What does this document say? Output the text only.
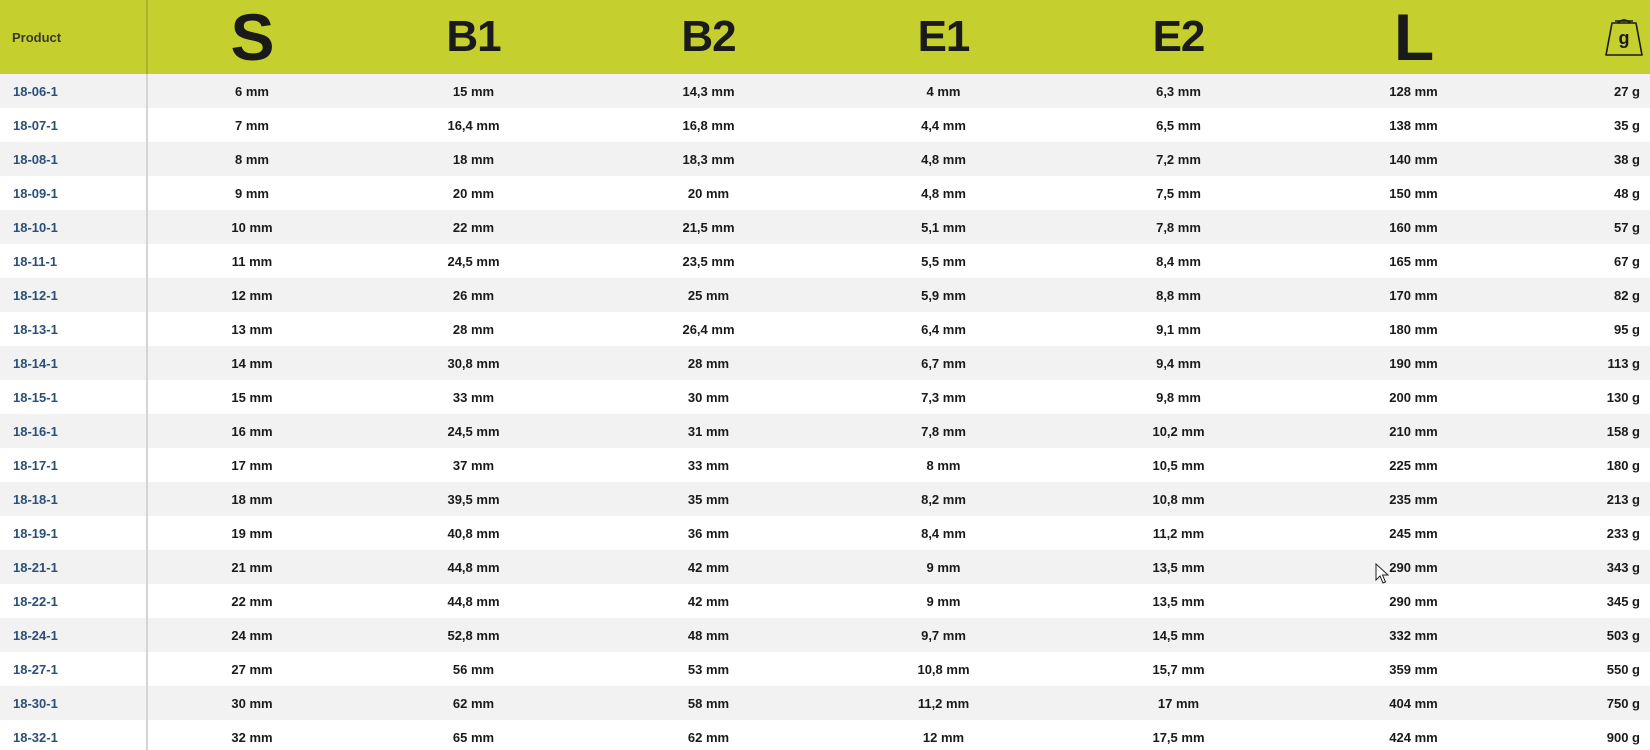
Product	S	B1	B2	E1	E2	L	g
18-06-1	6 mm	15 mm	14,3 mm	4 mm	6,3 mm	128 mm	27 g
18-07-1	7 mm	16,4 mm	16,8 mm	4,4 mm	6,5 mm	138 mm	35 g
18-08-1	8 mm	18 mm	18,3 mm	4,8 mm	7,2 mm	140 mm	38 g
18-09-1	9 mm	20 mm	20 mm	4,8 mm	7,5 mm	150 mm	48 g
18-10-1	10 mm	22 mm	21,5 mm	5,1 mm	7,8 mm	160 mm	57 g
18-11-1	11 mm	24,5 mm	23,5 mm	5,5 mm	8,4 mm	165 mm	67 g
18-12-1	12 mm	26 mm	25 mm	5,9 mm	8,8 mm	170 mm	82 g
18-13-1	13 mm	28 mm	26,4 mm	6,4 mm	9,1 mm	180 mm	95 g
18-14-1	14 mm	30,8 mm	28 mm	6,7 mm	9,4 mm	190 mm	113 g
18-15-1	15 mm	33 mm	30 mm	7,3 mm	9,8 mm	200 mm	130 g
18-16-1	16 mm	24,5 mm	31 mm	7,8 mm	10,2 mm	210 mm	158 g
18-17-1	17 mm	37 mm	33 mm	8 mm	10,5 mm	225 mm	180 g
18-18-1	18 mm	39,5 mm	35 mm	8,2 mm	10,8 mm	235 mm	213 g
18-19-1	19 mm	40,8 mm	36 mm	8,4 mm	11,2 mm	245 mm	233 g
18-21-1	21 mm	44,8 mm	42 mm	9 mm	13,5 mm	290 mm	343 g
18-22-1	22 mm	44,8 mm	42 mm	9 mm	13,5 mm	290 mm	345 g
18-24-1	24 mm	52,8 mm	48 mm	9,7 mm	14,5 mm	332 mm	503 g
18-27-1	27 mm	56 mm	53 mm	10,8 mm	15,7 mm	359 mm	550 g
18-30-1	30 mm	62 mm	58 mm	11,2 mm	17 mm	404 mm	750 g
18-32-1	32 mm	65 mm	62 mm	12 mm	17,5 mm	424 mm	900 g
